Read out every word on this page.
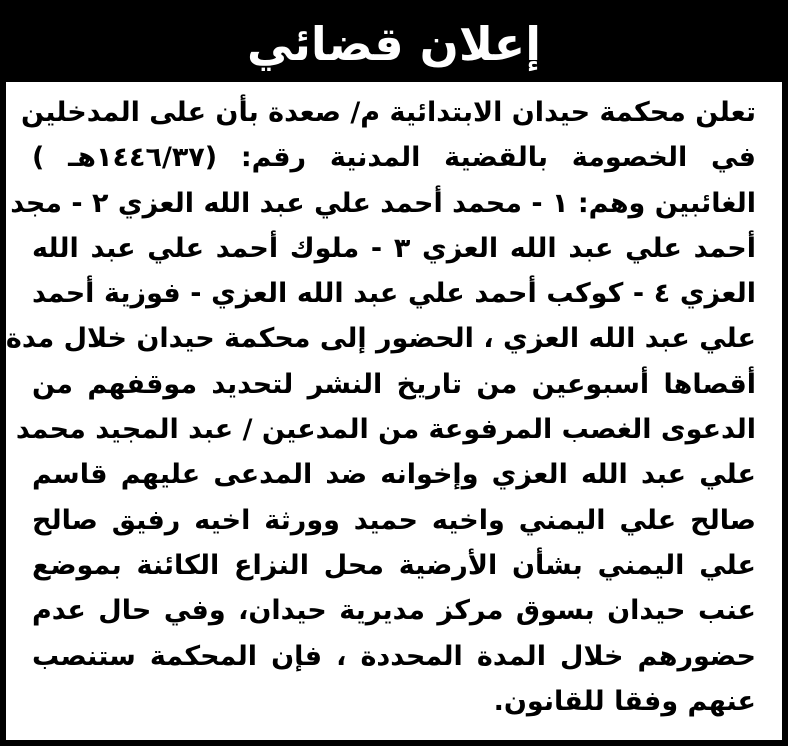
إعلان قضائي
تعلن محكمة حيدان الابتدائية م/ صعدة بأن على المدخلين
في الخصومة بالقضية المدنية رقم: (١٤٤٦/٣٧هـ )
الغائبين وهم: ١ - محمد أحمد علي عبد الله العزي ٢ - مجد
أحمد علي عبد الله العزي ٣ - ملوك أحمد علي عبد الله
العزي ٤ - كوكب أحمد علي عبد الله العزي - فوزية أحمد
علي عبد الله العزي ، الحضور إلى محكمة حيدان خلال مدة
أقصاها أسبوعين من تاريخ النشر لتحديد موقفهم من
الدعوى الغصب المرفوعة من المدعين / عبد المجيد محمد
علي عبد الله العزي وإخوانه ضد المدعى عليهم قاسم
صالح علي اليمني واخيه حميد وورثة اخيه رفيق صالح
علي اليمني بشأن الأرضية محل النزاع الكائنة بموضع
عنب حيدان بسوق مركز مديرية حيدان، وفي حال عدم
حضورهم خلال المدة المحددة ، فإن المحكمة ستنصب
عنهم وفقا للقانون.
